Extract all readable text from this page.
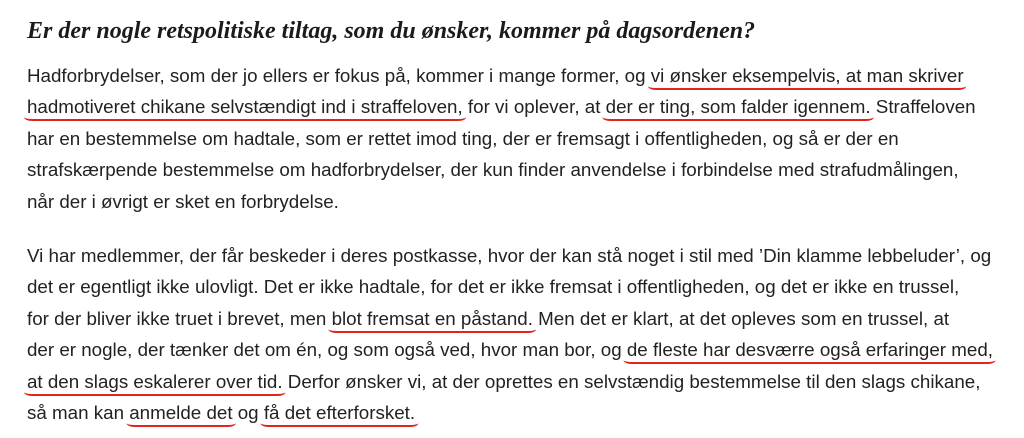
Er der nogle retspolitiske tiltag, som du ønsker, kommer på dagsordenen?
Hadforbrydelser, som der jo ellers er fokus på, kommer i mange former, og vi ønsker eksempelvis, at man skriver
hadmotiveret chikane selvstændigt ind i straffeloven, for vi oplever, at der er ting, som falder igennem. Straffeloven
har en bestemmelse om hadtale, som er rettet imod ting, der er fremsagt i offentligheden, og så er der en
strafskærpende bestemmelse om hadforbrydelser, der kun finder anvendelse i forbindelse med strafudmålingen,
når der i øvrigt er sket en forbrydelse.
Vi har medlemmer, der får beskeder i deres postkasse, hvor der kan stå noget i stil med ’Din klamme lebbeluder’, og
det er egentligt ikke ulovligt. Det er ikke hadtale, for det er ikke fremsat i offentligheden, og det er ikke en trussel,
for der bliver ikke truet i brevet, men blot fremsat en påstand. Men det er klart, at det opleves som en trussel, at
der er nogle, der tænker det om én, og som også ved, hvor man bor, og de fleste har desværre også erfaringer med,
at den slags eskalerer over tid. Derfor ønsker vi, at der oprettes en selvstændig bestemmelse til den slags chikane,
så man kan anmelde det og få det efterforsket.
